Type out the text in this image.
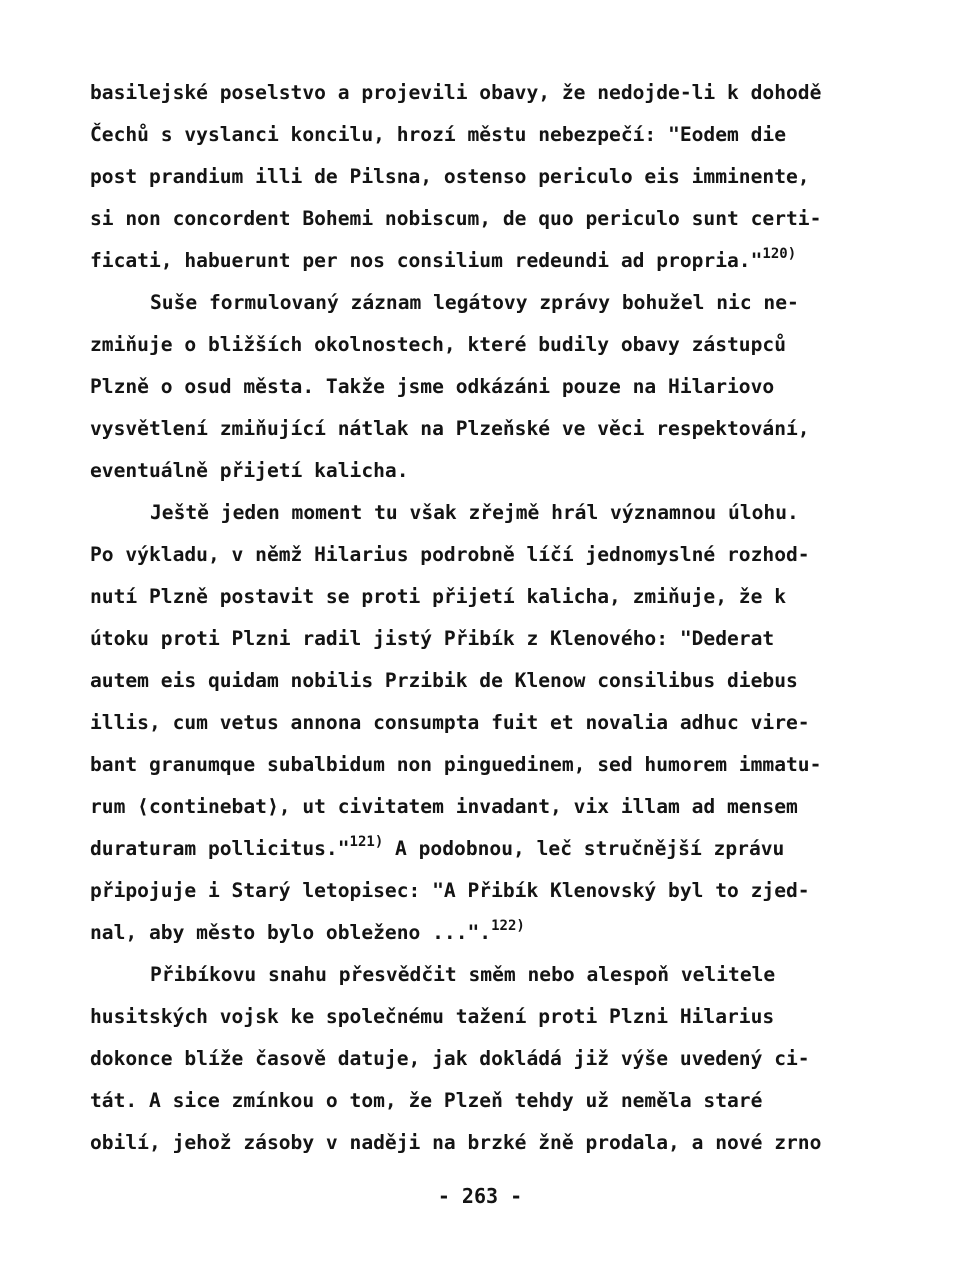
basilejské poselstvo a projevili obavy, že nedojde-li k dohodě
Čechů s vyslanci koncilu, hrozí městu nebezpečí: "Eodem die
post prandium illi de Pilsna, ostenso periculo eis imminente,
si non concordent Bohemi nobiscum, de quo periculo sunt certi-
ficati, habuerunt per nos consilium redeundi ad propria."$^{120)}$
Suše formulovaný záznam legátovy zprávy bohužel nic ne-
zmiňuje o bližších okolnostech, které budily obavy zástupců
Plzně o osud města. Takže jsme odkázáni pouze na Hilariovo
vysvětlení zmiňující nátlak na Plzeňské ve věci respektování,
eventuálně přijetí kalicha.
Ještě jeden moment tu však zřejmě hrál významnou úlohu.
Po výkladu, v němž Hilarius podrobně líčí jednomyslné rozhod-
nutí Plzně postavit se proti přijetí kalicha, zmiňuje, že k
útoku proti Plzni radil jistý Přibík z Klenového: "Dederat
autem eis quidam nobilis Przibik de Klenow consilibus diebus
illis, cum vetus annona consumpta fuit et novalia adhuc vire-
bant granumque subalbidum non pinguedinem, sed humorem immatu-
rum ⟨continebat⟩, ut civitatem invadant, vix illam ad mensem
duraturam pollicitus."$^{121)}$ A podobnou, leč stručnější zprávu
připojuje i Starý letopisec: "A Přibík Klenovský byl to zjed-
nal, aby město bylo obleženo ...".$^{122)}$
Přibíkovu snahu přesvědčit směm nebo alespoň velitele
husitských vojsk ke společnému tažení proti Plzni Hilarius
dokonce blíže časově datuje, jak dokládá již výše uvedený ci-
tát. A sice zmínkou o tom, že Plzeň tehdy už neměla staré
obilí, jehož zásoby v naději na brzké žně prodala, a nové zrno
- 263 -
